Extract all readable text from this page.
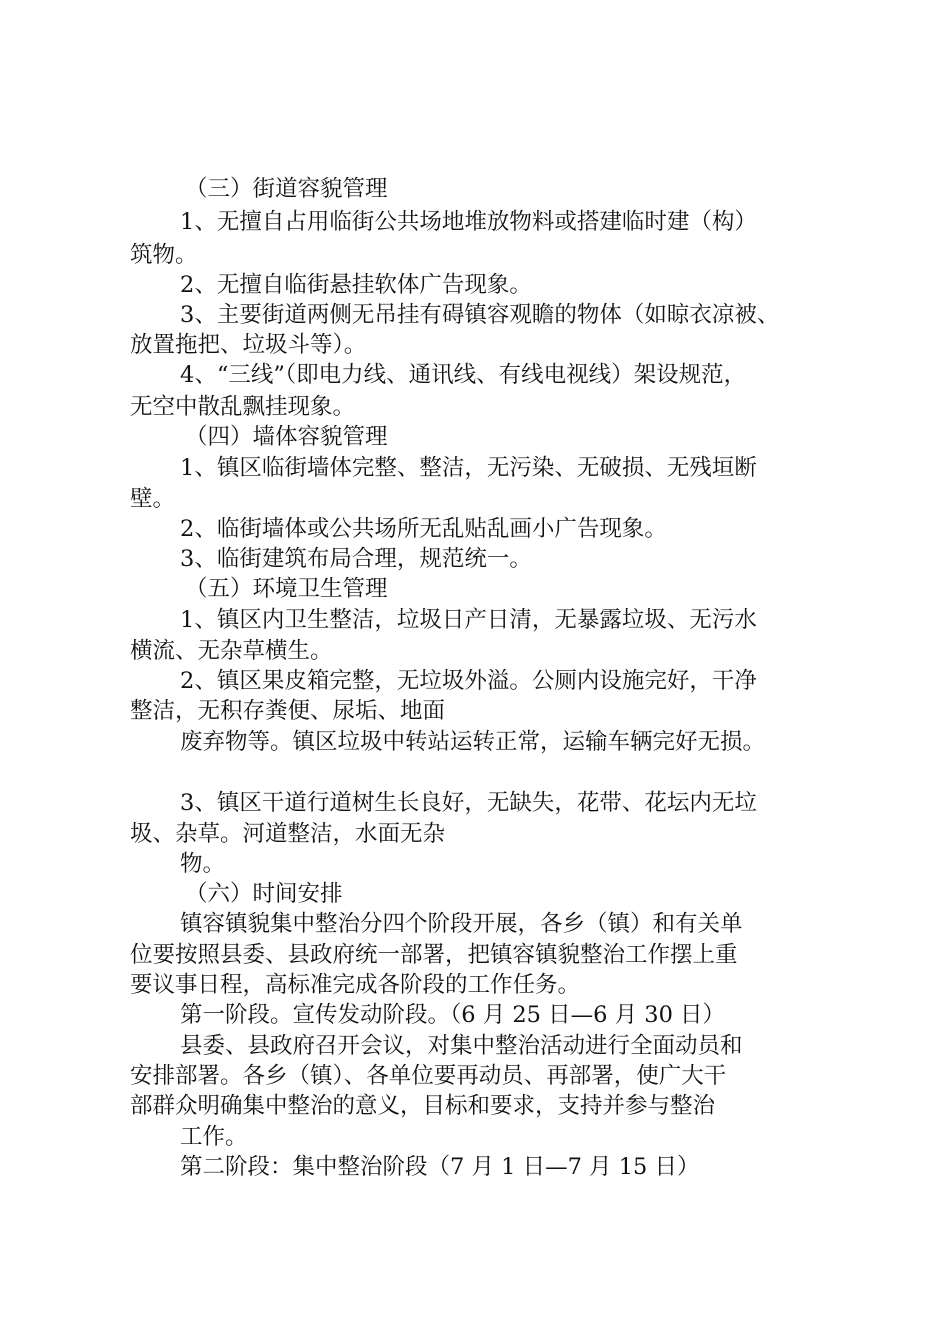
（三）街道容貌管理
1、无擅自占用临街公共场地堆放物料或搭建临时建（构）
筑物。
2、无擅自临街悬挂软体广告现象。
3、主要街道两侧无吊挂有碍镇容观瞻的物体（如晾衣凉被、
放置拖把、垃圾斗等）。
4、“三线”（即电力线、通讯线、有线电视线）架设规范，
无空中散乱飘挂现象。
（四）墙体容貌管理
1、镇区临街墙体完整、整洁，无污染、无破损、无残垣断
壁。
2、临街墙体或公共场所无乱贴乱画小广告现象。
3、临街建筑布局合理，规范统一。
（五）环境卫生管理
1、镇区内卫生整洁，垃圾日产日清，无暴露垃圾、无污水
横流、无杂草横生。
2、镇区果皮箱完整，无垃圾外溢。公厕内设施完好，干净
整洁，无积存粪便、尿垢、地面
废弃物等。镇区垃圾中转站运转正常，运输车辆完好无损。
3、镇区干道行道树生长良好，无缺失，花带、花坛内无垃
圾、杂草。河道整洁，水面无杂
物。
（六）时间安排
镇容镇貌集中整治分四个阶段开展，各乡（镇）和有关单
位要按照县委、县政府统一部署，把镇容镇貌整治工作摆上重
要议事日程，高标准完成各阶段的工作任务。
第一阶段。宣传发动阶段。（6 月 25 日—6 月 30 日）
县委、县政府召开会议，对集中整治活动进行全面动员和
安排部署。各乡（镇）、各单位要再动员、再部署，使广大干
部群众明确集中整治的意义，目标和要求，支持并参与整治
工作。
第二阶段：集中整治阶段（7 月 1 日—7 月 15 日）
